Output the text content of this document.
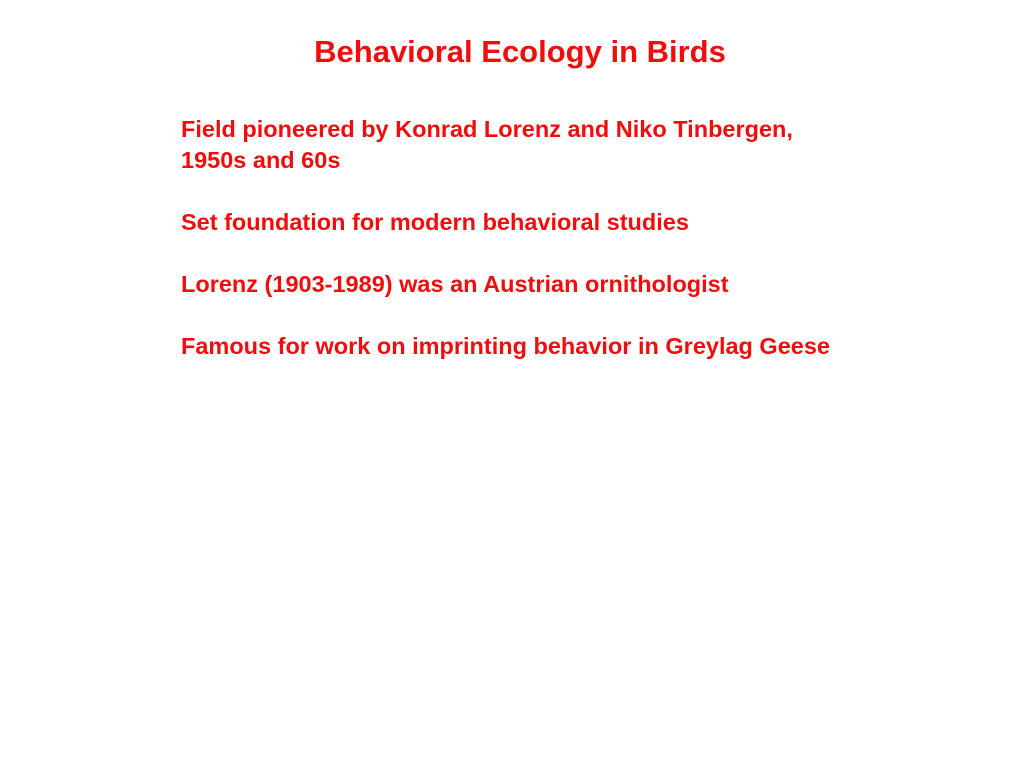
Behavioral Ecology in Birds

Field pioneered by Konrad Lorenz and Niko Tinbergen,
1950s and 60s

Set foundation for modern behavioral studies

Lorenz (1903-1989) was an Austrian ornithologist

Famous for work on imprinting behavior in Greylag Geese
